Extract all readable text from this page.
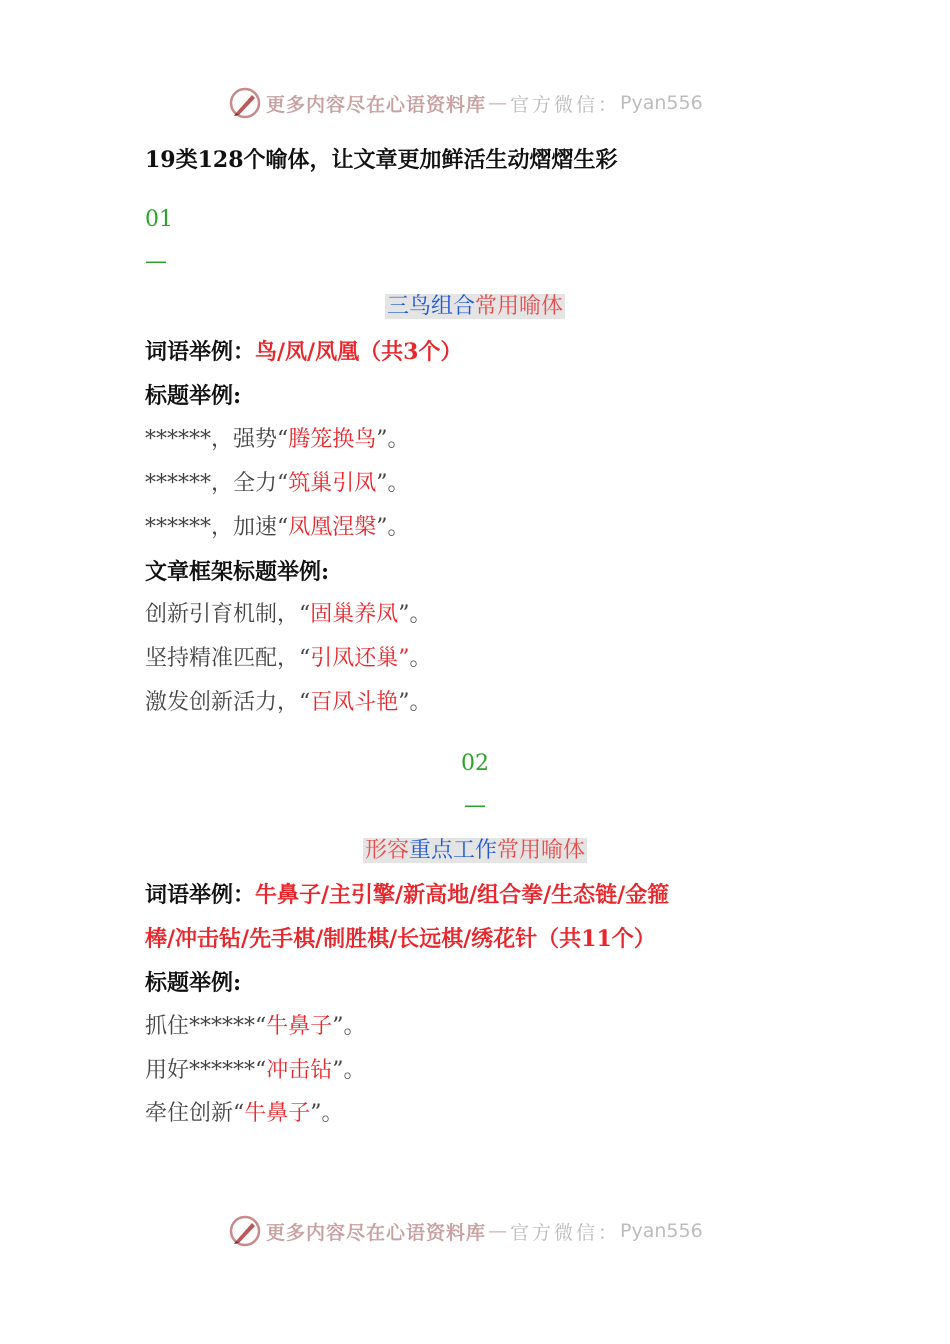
更多内容尽在心语资料库 — 官方微信： Pyan556
19类128个喻体，让文章更加鲜活生动熠熠生彩
01
—
三鸟组合常用喻体
词语举例：鸟/凤/凤凰（共3个）
标题举例:
******，强势“腾笼换鸟”。
******，全力“筑巢引凤”。
******，加速“凤凰涅槃”。
文章框架标题举例:
创新引育机制，“固巢养凤”。
坚持精准匹配，“引凤还巢”。
激发创新活力，“百凤斗艳”。
02
—
形容重点工作常用喻体
词语举例：牛鼻子/主引擎/新高地/组合拳/生态链/金箍
棒/冲击钻/先手棋/制胜棋/长远棋/绣花针（共11个）
标题举例:
抓住******“牛鼻子”。
用好******“冲击钻”。
牵住创新“牛鼻子”。
更多内容尽在心语资料库 — 官方微信： Pyan556
